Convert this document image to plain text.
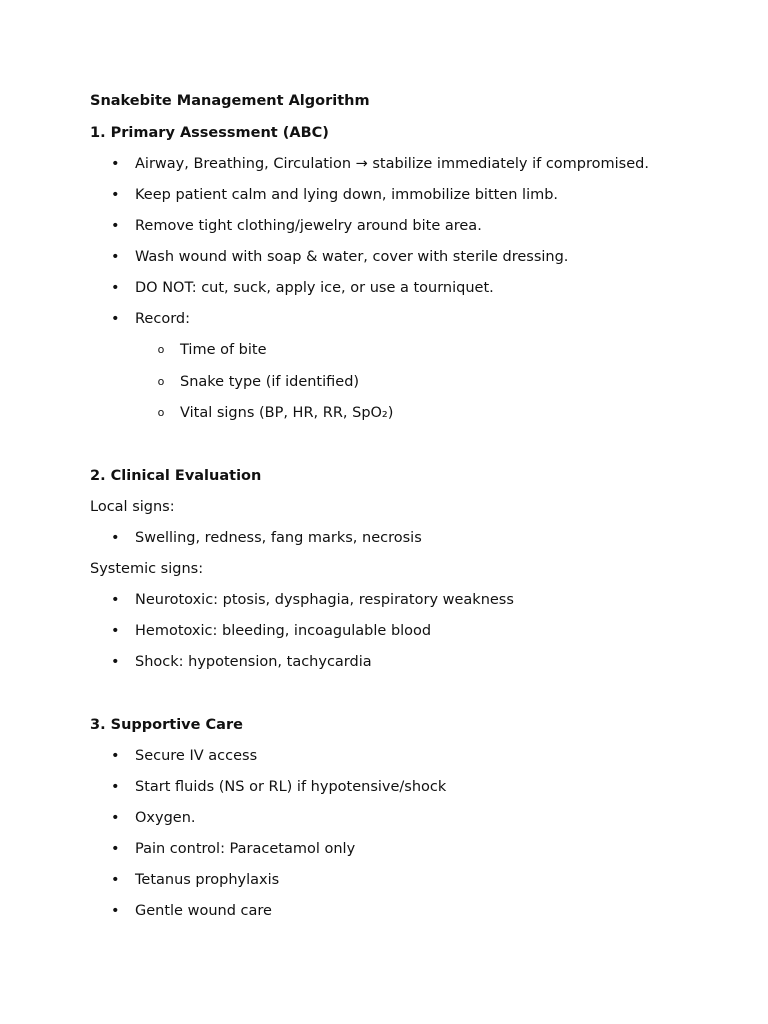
Snakebite Management Algorithm
1. Primary Assessment (ABC)
• Airway, Breathing, Circulation → stabilize immediately if compromised.
• Keep patient calm and lying down, immobilize bitten limb.
• Remove tight clothing/jewelry around bite area.
• Wash wound with soap & water, cover with sterile dressing.
• DO NOT: cut, suck, apply ice, or use a tourniquet.
• Record:
o Time of bite
o Snake type (if identified)
o Vital signs (BP, HR, RR, SpO₂)
2. Clinical Evaluation
Local signs:
• Swelling, redness, fang marks, necrosis
Systemic signs:
• Neurotoxic: ptosis, dysphagia, respiratory weakness
• Hemotoxic: bleeding, incoagulable blood
• Shock: hypotension, tachycardia
3. Supportive Care
• Secure IV access
• Start fluids (NS or RL) if hypotensive/shock
• Oxygen.
• Pain control: Paracetamol only
• Tetanus prophylaxis
• Gentle wound care
